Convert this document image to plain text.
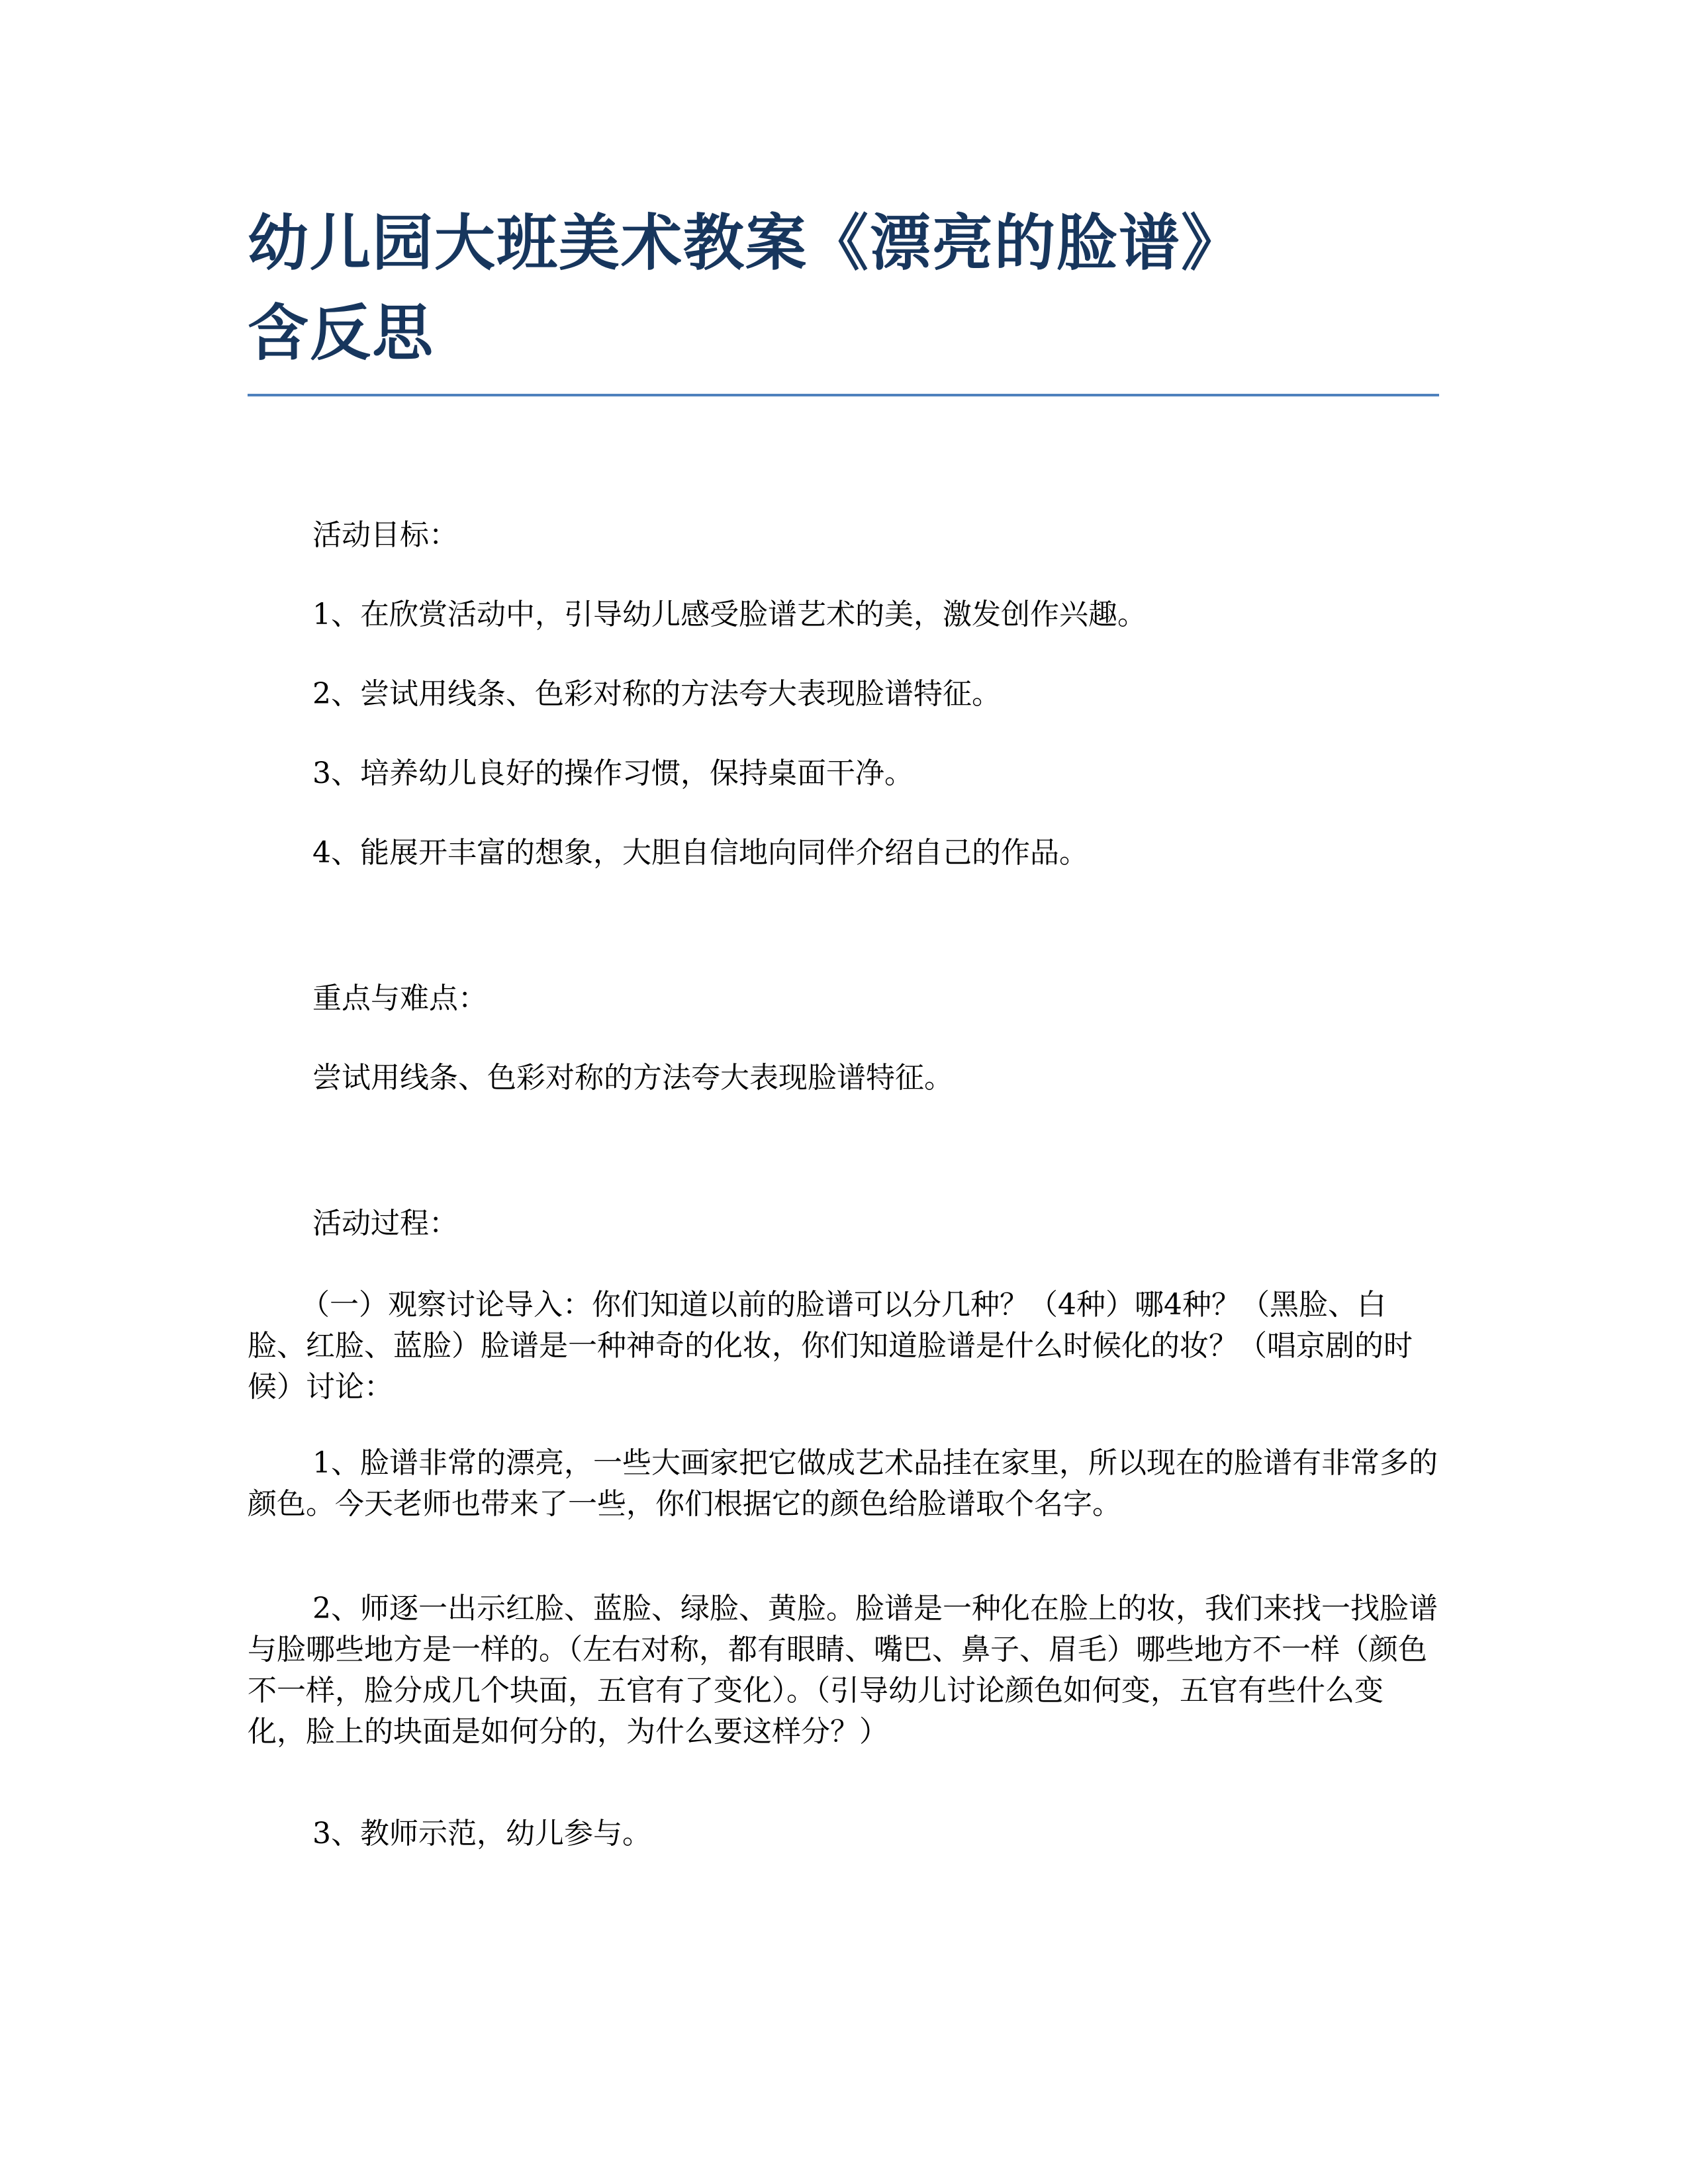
幼儿园大班美术教案《漂亮的脸谱》
含反思

活动目标：

1、在欣赏活动中，引导幼儿感受脸谱艺术的美，激发创作兴趣。

2、尝试用线条、色彩对称的方法夸大表现脸谱特征。

3、培养幼儿良好的操作习惯，保持桌面干净。

4、能展开丰富的想象，大胆自信地向同伴介绍自己的作品。

重点与难点：

尝试用线条、色彩对称的方法夸大表现脸谱特征。

活动过程：

（一）观察讨论导入：你们知道以前的脸谱可以分几种？（4种）哪4种？（黑脸、白脸、红脸、蓝脸）脸谱是一种神奇的化妆，你们知道脸谱是什么时候化的妆？（唱京剧的时候）讨论：

1、脸谱非常的漂亮，一些大画家把它做成艺术品挂在家里，所以现在的脸谱有非常多的颜色。今天老师也带来了一些，你们根据它的颜色给脸谱取个名字。

2、师逐一出示红脸、蓝脸、绿脸、黄脸。脸谱是一种化在脸上的妆，我们来找一找脸谱与脸哪些地方是一样的。（左右对称，都有眼睛、嘴巴、鼻子、眉毛）哪些地方不一样（颜色不一样，脸分成几个块面，五官有了变化）。（引导幼儿讨论颜色如何变，五官有些什么变化，脸上的块面是如何分的，为什么要这样分？）

3、教师示范，幼儿参与。
